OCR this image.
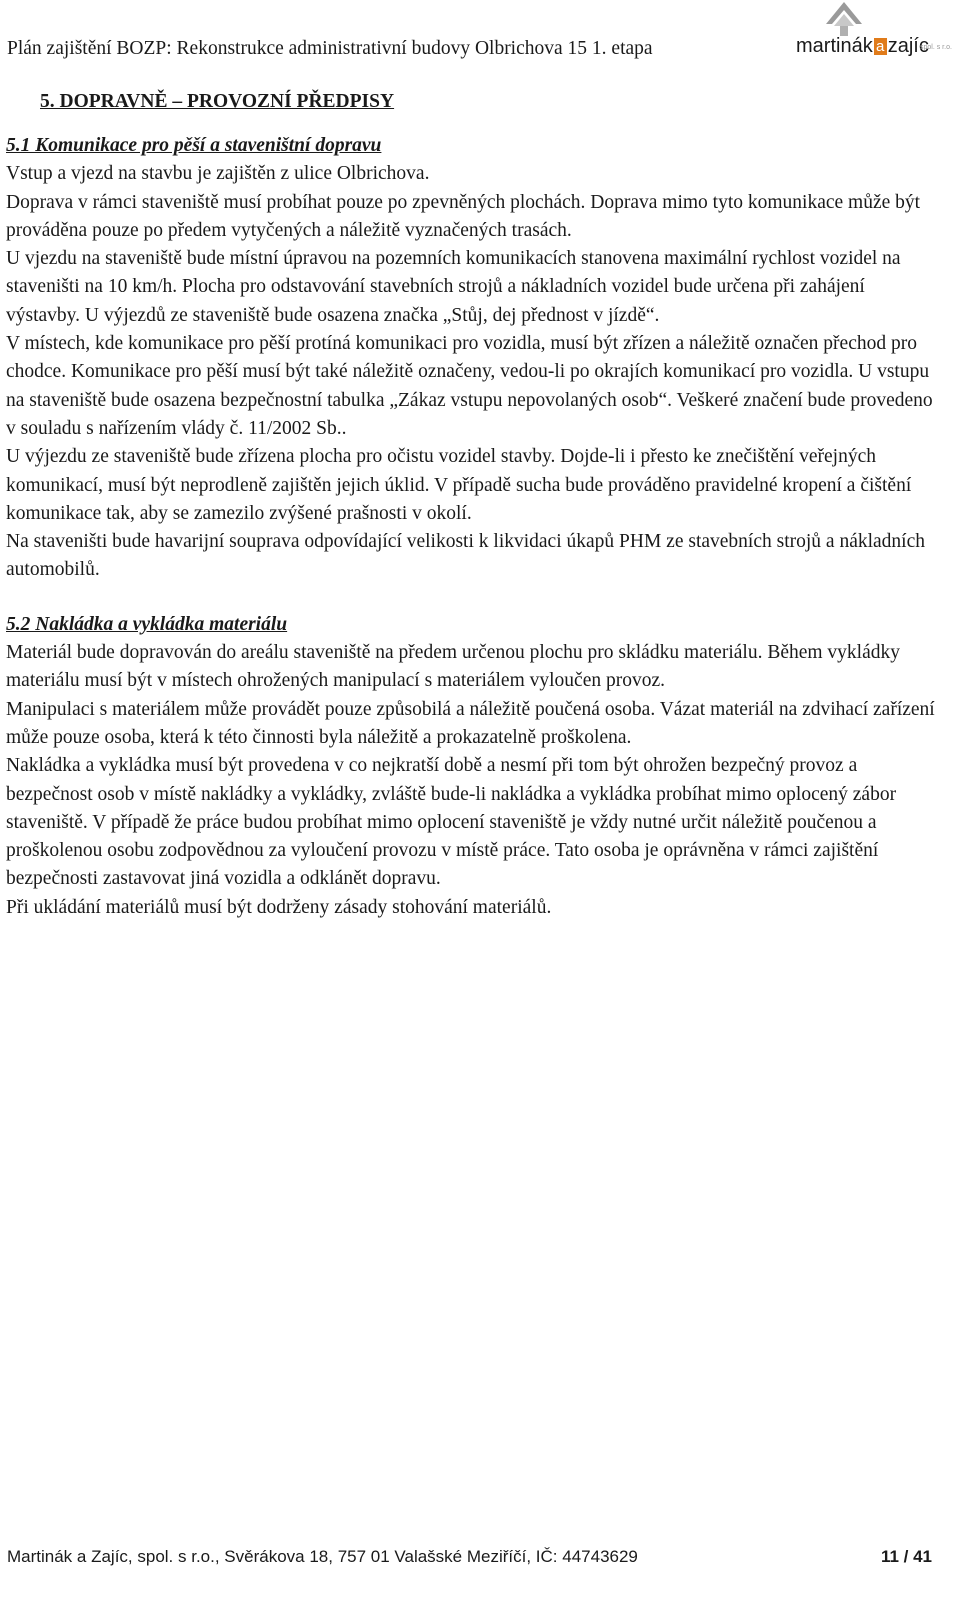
Plán zajištění BOZP: Rekonstrukce administrativní budovy Olbrichova 15 1. etapa	martinák a zajíc
spol. s r.o.

5. DOPRAVNĚ – PROVOZNÍ PŘEDPISY

5.1 Komunikace pro pěší a staveništní dopravu

Vstup a vjezd na stavbu je zajištěn z ulice Olbrichova.

Doprava v rámci staveniště musí probíhat pouze po zpevněných plochách. Doprava mimo tyto komunikace může být prováděna pouze po předem vytyčených a náležitě vyznačených trasách.

U vjezdu na staveniště bude místní úpravou na pozemních komunikacích stanovena maximální rychlost vozidel na staveništi na 10 km/h. Plocha pro odstavování stavebních strojů a nákladních vozidel bude určena při zahájení výstavby. U výjezdů ze staveniště bude osazena značka „Stůj, dej přednost v jízdě“.

V místech, kde komunikace pro pěší protíná komunikaci pro vozidla, musí být zřízen a náležitě označen přechod pro chodce. Komunikace pro pěší musí být také náležitě označeny, vedou-li po okrajích komunikací pro vozidla. U vstupu na staveniště bude osazena bezpečnostní tabulka „Zákaz vstupu nepovolaných osob“. Veškeré značení bude provedeno v souladu s nařízením vlády č. 11/2002 Sb..

U výjezdu ze staveniště bude zřízena plocha pro očistu vozidel stavby. Dojde-li i přesto ke znečištění veřejných komunikací, musí být neprodleně zajištěn jejich úklid. V případě sucha bude prováděno pravidelné kropení a čištění komunikace tak, aby se zamezilo zvýšené prašnosti v okolí.

Na staveništi bude havarijní souprava odpovídající velikosti k likvidaci úkapů PHM ze stavebních strojů a nákladních automobilů.

5.2 Nakládka a vykládka materiálu

Materiál bude dopravován do areálu staveniště na předem určenou plochu pro skládku materiálu. Během vykládky materiálu musí být v místech ohrožených manipulací s materiálem vyloučen provoz.

Manipulaci s materiálem může provádět pouze způsobilá a náležitě poučená osoba. Vázat materiál na zdvihací zařízení může pouze osoba, která k této činnosti byla náležitě a prokazatelně proškolena.

Nakládka a vykládka musí být provedena v co nejkratší době a nesmí při tom být ohrožen bezpečný provoz a bezpečnost osob v místě nakládky a vykládky, zvláště bude-li nakládka a vykládka probíhat mimo oplocený zábor staveniště. V případě že práce budou probíhat mimo oplocení staveniště je vždy nutné určit náležitě poučenou a proškolenou osobu zodpovědnou za vyloučení provozu v místě práce. Tato osoba je oprávněna v rámci zajištění bezpečnosti zastavovat jiná vozidla a odklánět dopravu.

Při ukládání materiálů musí být dodrženy zásady stohování materiálů.

Martinák a Zajíc, spol. s r.o., Svěrákova 18, 757 01 Valašské Meziříčí, IČ: 44743629	11 / 41
